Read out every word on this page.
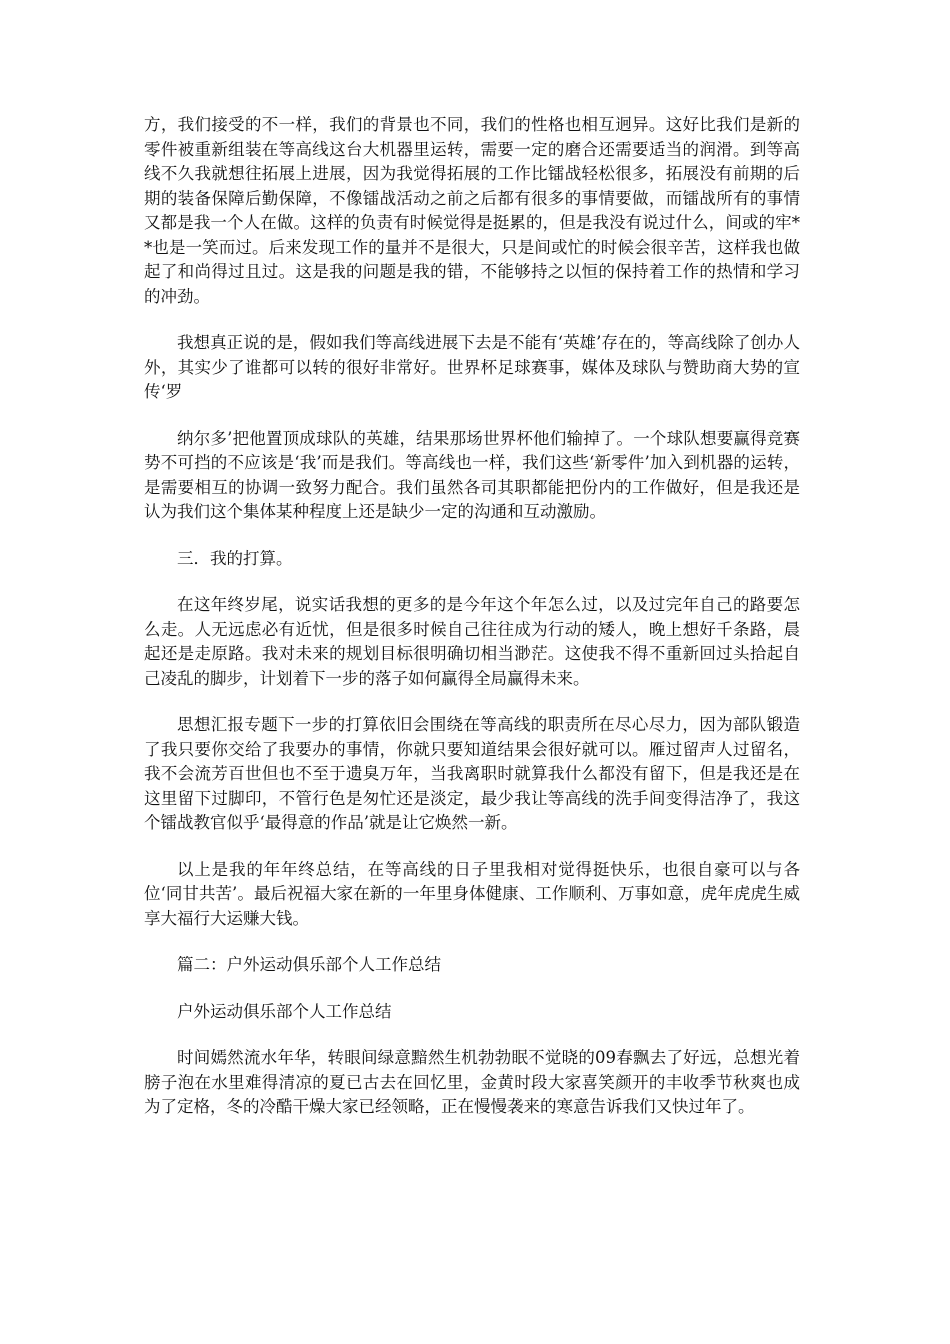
方，我们接受的不一样，我们的背景也不同，我们的性格也相互迥异。这好比我们是新的零件被重新组装在等高线这台大机器里运转，需要一定的磨合还需要适当的润滑。到等高线不久我就想往拓展上进展，因为我觉得拓展的工作比镭战轻松很多，拓展没有前期的后期的装备保障后勤保障，不像镭战活动之前之后都有很多的事情要做，而镭战所有的事情又都是我一个人在做。这样的负责有时候觉得是挺累的，但是我没有说过什么，间或的牢**也是一笑而过。后来发现工作的量并不是很大，只是间或忙的时候会很辛苦，这样我也做起了和尚得过且过。这是我的问题是我的错，不能够持之以恒的保持着工作的热情和学习的冲劲。

我想真正说的是，假如我们等高线进展下去是不能有‘英雄’存在的，等高线除了创办人外，其实少了谁都可以转的很好非常好。世界杯足球赛事，媒体及球队与赞助商大势的宣传‘罗

纳尔多’把他置顶成球队的英雄，结果那场世界杯他们输掉了。一个球队想要赢得竞赛势不可挡的不应该是‘我’而是我们。等高线也一样，我们这些‘新零件’加入到机器的运转，是需要相互的协调一致努力配合。我们虽然各司其职都能把份内的工作做好，但是我还是认为我们这个集体某种程度上还是缺少一定的沟通和互动激励。

三．我的打算。

在这年终岁尾，说实话我想的更多的是今年这个年怎么过，以及过完年自己的路要怎么走。人无远虑必有近忧，但是很多时候自己往往成为行动的矮人，晚上想好千条路，晨起还是走原路。我对未来的规划目标很明确切相当渺茫。这使我不得不重新回过头拾起自己凌乱的脚步，计划着下一步的落子如何赢得全局赢得未来。

思想汇报专题下一步的打算依旧会围绕在等高线的职责所在尽心尽力，因为部队锻造了我只要你交给了我要办的事情，你就只要知道结果会很好就可以。雁过留声人过留名，我不会流芳百世但也不至于遗臭万年，当我离职时就算我什么都没有留下，但是我还是在这里留下过脚印，不管行色是匆忙还是淡定，最少我让等高线的洗手间变得洁净了，我这个镭战教官似乎‘最得意的作品’就是让它焕然一新。

以上是我的年年终总结，在等高线的日子里我相对觉得挺快乐，也很自豪可以与各位‘同甘共苦’。最后祝福大家在新的一年里身体健康、工作顺利、万事如意，虎年虎虎生威享大福行大运赚大钱。

篇二：户外运动俱乐部个人工作总结

户外运动俱乐部个人工作总结

时间嫣然流水年华，转眼间绿意黯然生机勃勃眠不觉晓的09春飘去了好远，总想光着膀子泡在水里难得清凉的夏已古去在回忆里，金黄时段大家喜笑颜开的丰收季节秋爽也成为了定格，冬的冷酷干燥大家已经领略，正在慢慢袭来的寒意告诉我们又快过年了。
